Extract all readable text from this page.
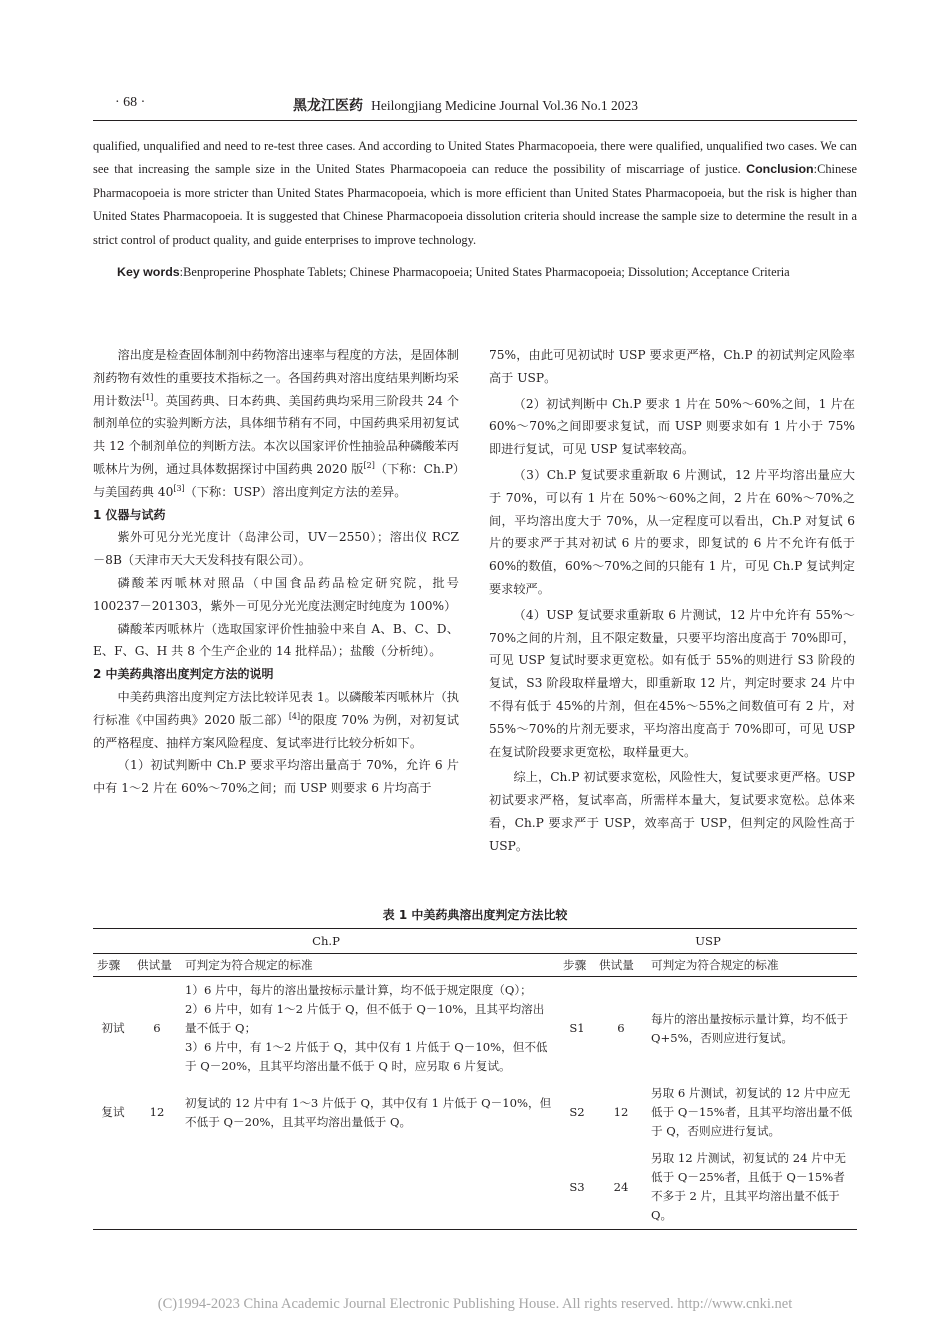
· 68 ·	黑龙江医药 Heilongjiang Medicine Journal Vol.36 No.1 2023

qualified, unqualified and need to re-test three cases. And according to United States Pharmacopoeia, there were qualified, unqualified two cases. We can see that increasing the sample size in the United States Pharmacopoeia can reduce the possibility of miscarriage of justice. Conclusion:Chinese Pharmacopoeia is more stricter than United States Pharmacopoeia, which is more efficient than United States Pharmacopoeia, but the risk is higher than United States Pharmacopoeia. It is suggested that Chinese Pharmacopoeia dissolution criteria should increase the sample size to determine the result in a strict control of product quality, and guide enterprises to improve technology.

Key words:Benproperine Phosphate Tablets; Chinese Pharmacopoeia; United States Pharmacopoeia; Dissolution; Acceptance Criteria

溶出度是检查固体制剂中药物溶出速率与程度的方法，是固体制剂药物有效性的重要技术指标之一。各国药典对溶出度结果判断均采用计数法[1]。英国药典、日本药典、美国药典均采用三阶段共 24 个制剂单位的实验判断方法，具体细节稍有不同，中国药典采用初复试共 12 个制剂单位的判断方法。本次以国家评价性抽验品种磷酸苯丙哌林片为例，通过具体数据探讨中国药典 2020 版[2]（下称：Ch.P）与美国药典 40[3]（下称：USP）溶出度判定方法的差异。

1 仪器与试药

紫外可见分光光度计（岛津公司，UV－2550）；溶出仪 RCZ－8B（天津市天大天发科技有限公司）。

磷酸苯丙哌林对照品（中国食品药品检定研究院，批号 100237－201303，紫外－可见分光光度法测定时纯度为 100%）

磷酸苯丙哌林片（选取国家评价性抽验中来自 A、B、C、D、E、F、G、H 共 8 个生产企业的 14 批样品）；盐酸（分析纯）。

2 中美药典溶出度判定方法的说明

中美药典溶出度判定方法比较详见表 1。以磷酸苯丙哌林片（执行标准《中国药典》2020 版二部）[4]的限度 70% 为例，对初复试的严格程度、抽样方案风险程度、复试率进行比较分析如下。

（1）初试判断中 Ch.P 要求平均溶出量高于 70%，允许 6 片中有 1～2 片在 60%～70%之间；而 USP 则要求 6 片均高于

75%，由此可见初试时 USP 要求更严格，Ch.P 的初试判定风险率高于 USP。

（2）初试判断中 Ch.P 要求 1 片在 50%～60%之间，1 片在 60%～70%之间即要求复试，而 USP 则要求如有 1 片小于 75%即进行复试，可见 USP 复试率较高。

（3）Ch.P 复试要求重新取 6 片测试，12 片平均溶出量应大于 70%，可以有 1 片在 50%～60%之间，2 片在 60%～70%之间，平均溶出度大于 70%，从一定程度可以看出，Ch.P 对复试 6 片的要求严于其对初试 6 片的要求，即复试的 6 片不允许有低于 60%的数值，60%～70%之间的只能有 1 片，可见 Ch.P 复试判定要求较严。

（4）USP 复试要求重新取 6 片测试，12 片中允许有 55%～70%之间的片剂，且不限定数量，只要平均溶出度高于 70%即可，可见 USP 复试时要求更宽松。如有低于 55%的则进行 S3 阶段的复试，S3 阶段取样量增大，即重新取 12 片，判定时要求 24 片中不得有低于 45%的片剂，但在45%～55%之间数值可有 2 片，对 55%～70%的片剂无要求，平均溶出度高于 70%即可，可见 USP 在复试阶段要求更宽松，取样量更大。

综上，Ch.P 初试要求宽松，风险性大，复试要求更严格。USP 初试要求严格，复试率高，所需样本量大，复试要求宽松。总体来看，Ch.P 要求严于 USP，效率高于 USP，但判定的风险性高于 USP。

表 1 中美药典溶出度判定方法比较
Ch.P			USP		
步骤	供试量	可判定为符合规定的标准	步骤	供试量	可判定为符合规定的标准
初试	6	1）6 片中，每片的溶出量按标示量计算，均不低于规定限度（Q）；
2）6 片中，如有 1～2 片低于 Q，但不低于 Q－10%，且其平均溶出量不低于 Q；
3）6 片中，有 1～2 片低于 Q，其中仅有 1 片低于 Q－10%，但不低于 Q－20%，且其平均溶出量不低于 Q 时，应另取 6 片复试。	S1	6	每片的溶出量按标示量计算，均不低于 Q+5%，否则应进行复试。
复试	12	初复试的 12 片中有 1～3 片低于 Q，其中仅有 1 片低于 Q－10%，但不低于 Q－20%，且其平均溶出量低于 Q。	S2	12	另取 6 片测试，初复试的 12 片中应无低于 Q－15%者，且其平均溶出量不低于 Q，否则应进行复试。
			S3	24	另取 12 片测试，初复试的 24 片中无低于 Q－25%者，且低于 Q－15%者不多于 2 片，且其平均溶出量不低于 Q。
(C)1994-2023 China Academic Journal Electronic Publishing House. All rights reserved. http://www.cnki.net
